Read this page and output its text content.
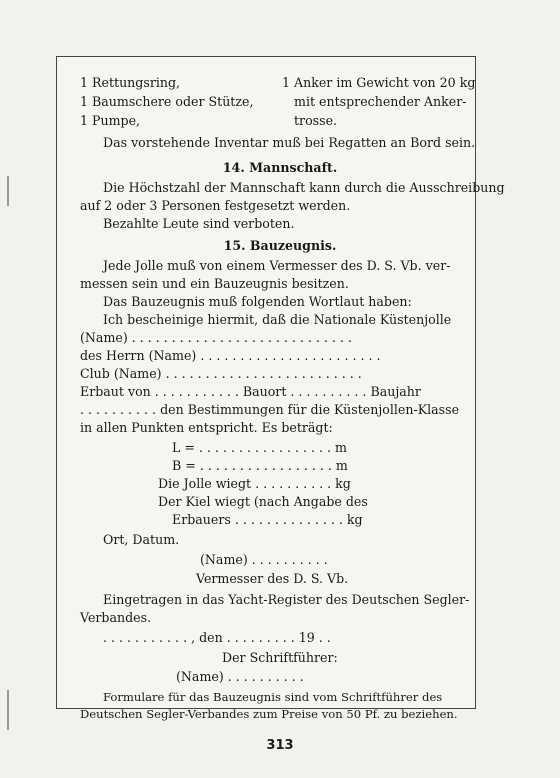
1 Rettungsring,
1 Baumschere oder Stütze,
1 Pumpe,
1 Anker im Gewicht von 20 kg
mit entsprechender Anker-
trosse.
Das vorstehende Inventar muß bei Regatten an Bord sein.
14. Mannschaft.
Die Höchstzahl der Mannschaft kann durch die Ausschreibung
auf 2 oder 3 Personen festgesetzt werden.
Bezahlte Leute sind verboten.
15. Bauzeugnis.
Jede Jolle muß von einem Vermesser des D. S. Vb. ver-
messen sein und ein Bauzeugnis besitzen.
Das Bauzeugnis muß folgenden Wortlaut haben:
Ich bescheinige hiermit, daß die Nationale Küstenjolle
(Name) . . . . . . . . . . . . . . . . . . . . . . . . . . . .
des Herrn (Name) . . . . . . . . . . . . . . . . . . . . . . .
Club (Name) . . . . . . . . . . . . . . . . . . . . . . . . .
Erbaut von . . . . . . . . . . . Bauort . . . . . . . . . . Baujahr
. . . . . . . . . . den Bestimmungen für die Küstenjollen-Klasse
in allen Punkten entspricht. Es beträgt:
L = . . . . . . . . . . . . . . . . . m
B = . . . . . . . . . . . . . . . . . m
Die Jolle wiegt . . . . . . . . . . kg
Der Kiel wiegt (nach Angabe des
Erbauers . . . . . . . . . . . . . . kg
Ort, Datum.
(Name) . . . . . . . . . .
Vermesser des D. S. Vb.
Eingetragen in das Yacht-Register des Deutschen Segler-
Verbandes.
. . . . . . . . . . . , den . . . . . . . . . 19 . .
Der Schriftführer:
(Name) . . . . . . . . . .
Formulare für das Bauzeugnis sind vom Schriftführer des
Deutschen Segler-Verbandes zum Preise von 50 Pf. zu beziehen.
313
